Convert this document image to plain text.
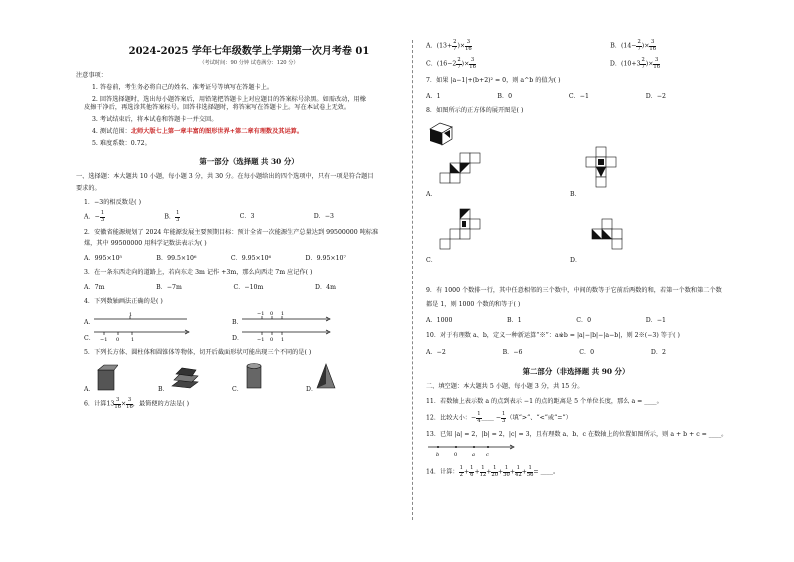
2024-2025 学年七年级数学上学期第一次月考卷 01
（考试时间：90 分钟 试卷满分：120 分）
注意事项：
1. 答卷前，考生务必将自己的姓名、准考证号等填写在答题卡上。
2. 回答选择题时，选出每小题答案后，用铅笔把答题卡上对应题目的答案标号涂黑。如需改动，用橡
皮擦干净后，再选涂其他答案标号。回答非选择题时，将答案写在答题卡上。写在本试卷上无效。
3. 考试结束后，将本试卷和答题卡一并交回。
4. 测试范围：北师大版七上第一章丰富的图形世界+第二章有理数及其运算。
5. 难度系数：0.72。
第一部分（选择题 共 30 分）
一、选择题：本大题共 10 小题，每小题 3 分，共 30 分。在每小题给出的四个选项中，只有一项是符合题目
要求的。
1．−3的相反数是( )
A．− $\frac{1}{3}$	B． $\frac{1}{3}$	C．3	D．−3
2．安徽省能源规划了 2024 年能源发展主要预期目标：预计全省一次能源生产总量达到 99500000 吨标准
煤，其中 99500000 用科学记数法表示为( )
A．995×10⁵	B．99.5×10⁶	C．9.95×10⁶	D．9.95×10⁷
3．在一条东西走向的道路上，若向东走 3m 记作 +3m，那么向西走 7m 应记作( )
A．7m	B．−7m	C．−10m	D．4m
4．下列数轴画法正确的是( )
A．
1
B．
−1 0 1
C． −1 0 1	D．	−1 0 1
5．下列长方体、圆柱体和圆锥体等物体，切开后截面形状可能出现三个不同的是( )
A．	B．	C．	D．
6．计算$13 \frac{3}{16} \times \frac{3}{16}$ ，最简便的方法是( )
A．($13+ \frac{2}{7}$ )× $\frac{3}{16}$	B．($14- \frac{2}{7}$ )× $\frac{3}{16}$
C．($16-2 \frac{2}{7}$ )× $\frac{3}{16}$	D．($10+3 \frac{2}{7}$ )× $\frac{3}{16}$
7．如果 |a−1|+(b+2)² = 0，则 a^b 的值为( )
A．1	B．0	C．−1	D．−2
8．如图所示的正方体的展开图是( )
A．	B．
C．	D．
9．有 1000 个数排一行，其中任意相邻的三个数中，中间的数等于它前后两数的和，若第一个数和第二个数
都是 1，则 1000 个数的和等于( )
A．1000	B．1	C．0	D．−1
10．对于有理数 a、b，定义一种新运算“※”：a※b = |a|−|b|−|a−b|，则 2※(−3) 等于( )
A．−2	B．−6	C．0	D．2
第二部分（非选择题 共 90 分）
二、填空题：本大题共 5 小题，每小题 3 分，共 15 分。
11．若数轴上表示数 a 的点到表示 −1 的点的距离是 5 个单位长度，那么 a = ____。
12．比较大小：− $\frac{1}{4}$ ____ − $\frac{1}{3}$ （填“>”、“<”或“=”）
13．已知 |a| = 2，|b| = 2，|c| = 3，且有理数 a、b、c 在数轴上的位置如图所示，则 a + b + c = ____。
b	0	a c
14．计算： $\frac{1}{2} + \frac{1}{6} + \frac{1}{12} + \frac{1}{20} + \frac{1}{30} + \frac{1}{42} + \frac{1}{56}$ = ____。
